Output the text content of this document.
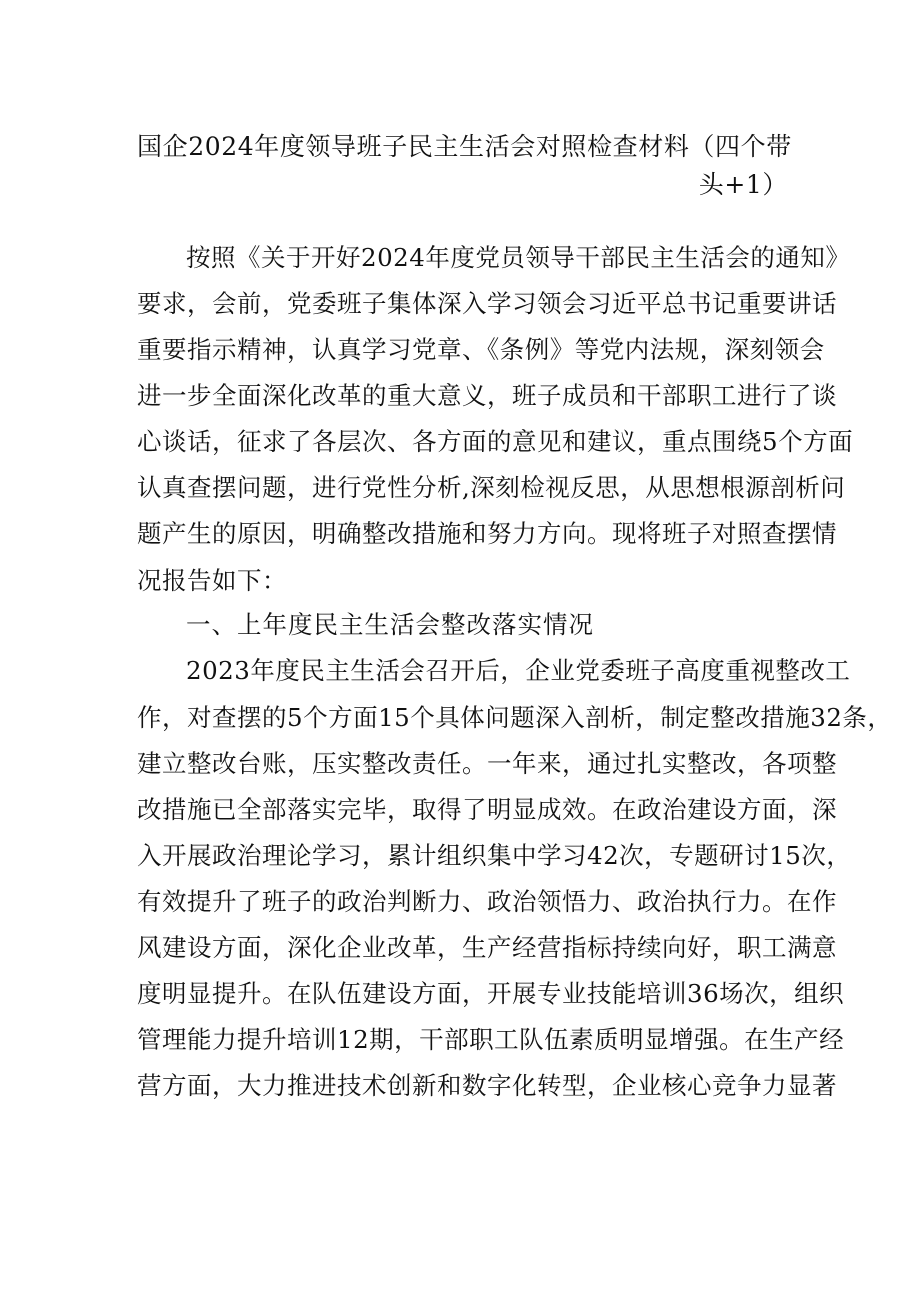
国企2024年度领导班子民主生活会对照检查材料（四个带
头+1）
按照《关于开好2024年度党员领导干部民主生活会的通知》
要求，会前，党委班子集体深入学习领会习近平总书记重要讲话
重要指示精神，认真学习党章、《条例》等党内法规，深刻领会
进一步全面深化改革的重大意义，班子成员和干部职工进行了谈
心谈话，征求了各层次、各方面的意见和建议，重点围绕5个方面
认真查摆问题，进行党性分析,深刻检视反思，从思想根源剖析问
题产生的原因，明确整改措施和努力方向。现将班子对照查摆情
况报告如下：
一、上年度民主生活会整改落实情况
2023年度民主生活会召开后，企业党委班子高度重视整改工
作，对查摆的5个方面15个具体问题深入剖析，制定整改措施32条，
建立整改台账，压实整改责任。一年来，通过扎实整改，各项整
改措施已全部落实完毕，取得了明显成效。在政治建设方面，深
入开展政治理论学习，累计组织集中学习42次，专题研讨15次，
有效提升了班子的政治判断力、政治领悟力、政治执行力。在作
风建设方面，深化企业改革，生产经营指标持续向好，职工满意
度明显提升。在队伍建设方面，开展专业技能培训36场次，组织
管理能力提升培训12期，干部职工队伍素质明显增强。在生产经
营方面，大力推进技术创新和数字化转型，企业核心竞争力显著
